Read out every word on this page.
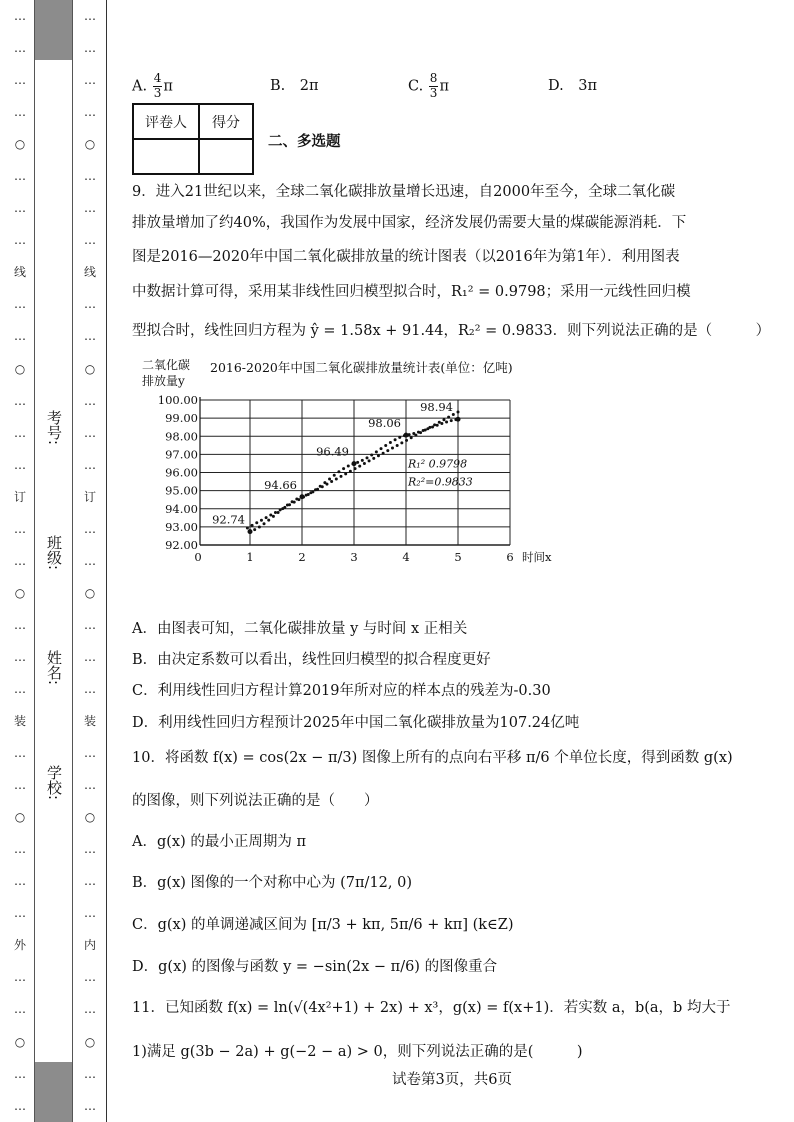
…
…
…
…
○
…
…
…
线
…
…
○
…
…
…
订
…
…
○
…
…
…
装
…
…
○
…
…
…
外
…
…
○
…
…
…
…
…
…
○
…
…
…
线
…
…
○
…
…
…
订
…
…
○
…
…
…
装
…
…
○
…
…
…
内
…
…
○
…
…
考号:
班级:
姓名:
学校:
A. $\frac{4}{3}$ π	B.　2π	C. $\frac{8}{3}$ π	D.　3π
评卷人	得分

二、多选题
9．进入21世纪以来，全球二氧化碳排放量增长迅速，自2000年至今，全球二氧化碳
排放量增加了约40%，我国作为发展中国家，经济发展仍需要大量的煤碳能源消耗．下
图是2016—2020年中国二氧化碳排放量的统计图表（以2016年为第1年）．利用图表
中数据计算可得，采用某非线性回归模型拟合时，R₁² = 0.9798；采用一元线性回归模
型拟合时，线性回归方程为 ŷ = 1.58x + 91.44，R₂² = 0.9833．则下列说法正确的是（　　　）
2016-2020年中国二氧化碳排放量统计表(单位：亿吨)
二氧化碳
排放量y
100.00
99.00
98.00
97.00
96.00
95.00
94.00
93.00
92.00
0	1	2	3	4	5	6 时间x
92.74
94.66
96.49
98.06
98.94
R₁² 0.9798
R₂²=0.9833
A．由图表可知，二氧化碳排放量 y 与时间 x 正相关
B．由决定系数可以看出，线性回归模型的拟合程度更好
C．利用线性回归方程计算2019年所对应的样本点的残差为-0.30
D．利用线性回归方程预计2025年中国二氧化碳排放量为107.24亿吨
10．将函数 f(x) = cos(2x − π/3) 图像上所有的点向右平移 π/6 个单位长度，得到函数 g(x)
的图像，则下列说法正确的是（　　）
A．g(x) 的最小正周期为 π
B．g(x) 图像的一个对称中心为 (7π/12, 0)
C．g(x) 的单调递减区间为 [π/3 + kπ, 5π/6 + kπ] (k∈Z)
D．g(x) 的图像与函数 y = −sin(2x − π/6) 的图像重合
11．已知函数 f(x) = ln(√(4x²+1) + 2x) + x³，g(x) = f(x+1)．若实数 a，b(a，b 均大于
1)满足 g(3b − 2a) + g(−2 − a) > 0，则下列说法正确的是(　　　)
试卷第3页，共6页
